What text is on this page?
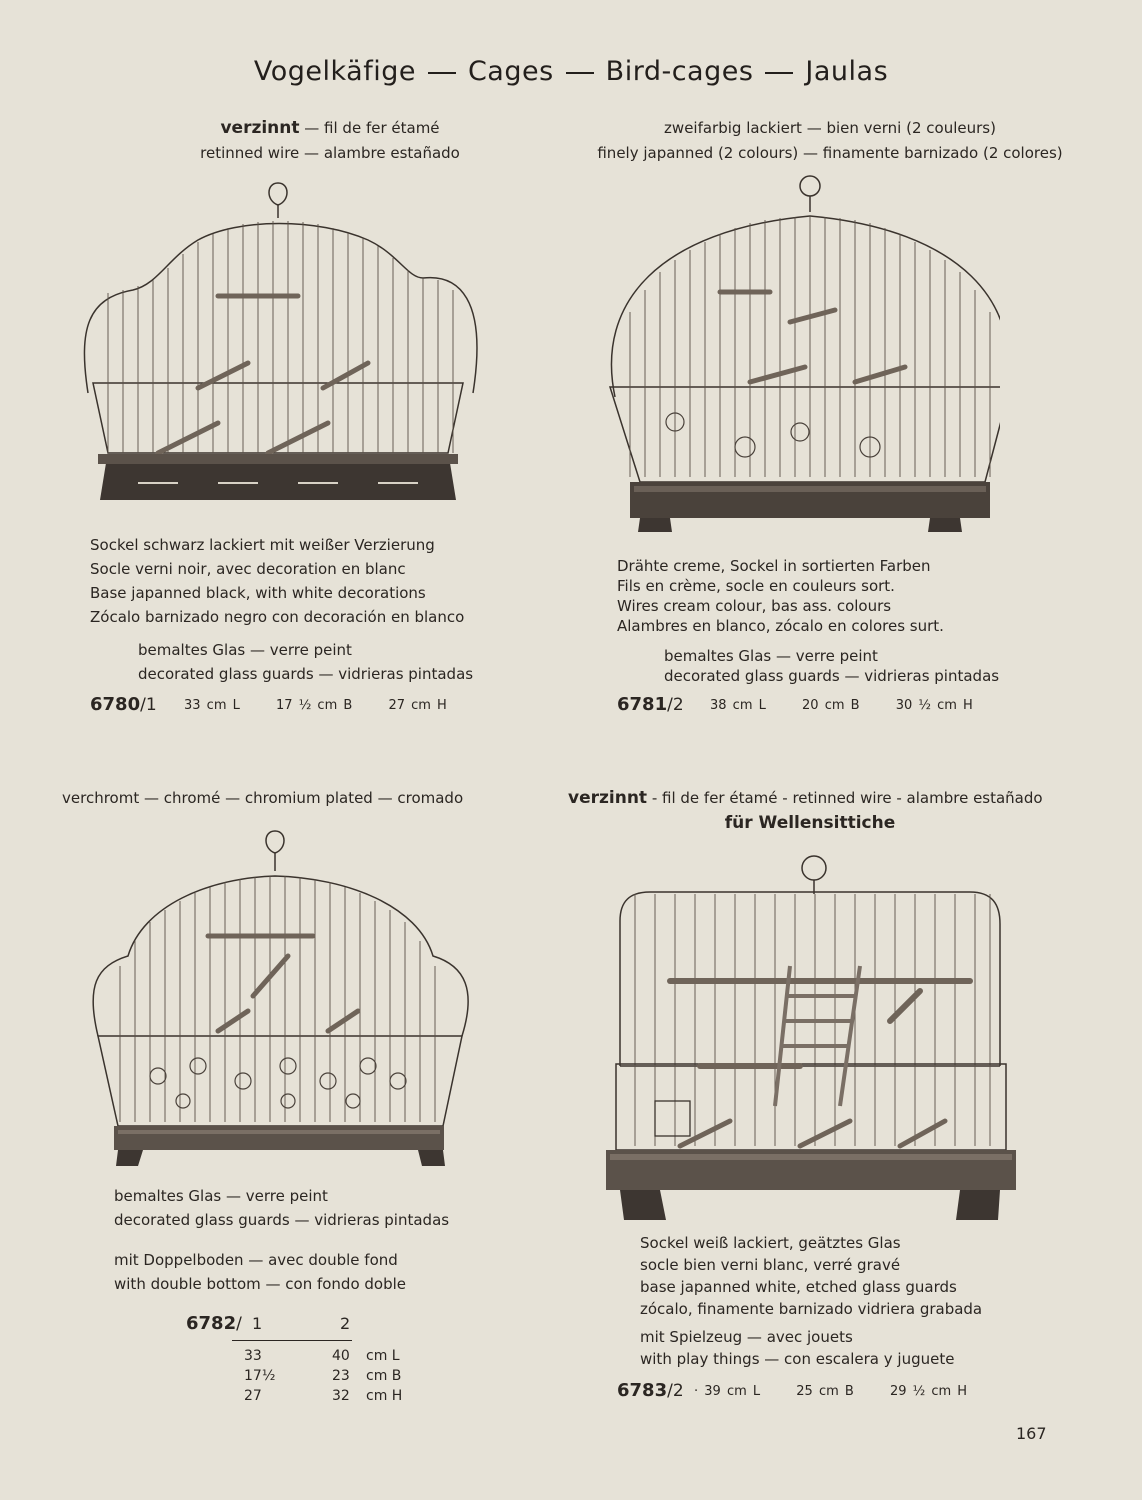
Vogelkäfige Cages Bird-cages Jaulas
verzinnt — fil de fer étamé
retinned wire — alambre estañado
Sockel schwarz lackiert mit weißer Verzierung
Socle verni noir, avec decoration en blanc
Base japanned black, with white decorations
Zócalo barnizado negro con decoración en blanco
bemaltes Glas — verre peint
decorated glass guards — vidrieras pintadas
6780/1 33 cm L	17 ½ cm B	27 cm H
zweifarbig lackiert — bien verni (2 couleurs)
finely japanned (2 colours) — finamente barnizado (2 colores)
Drähte creme, Sockel in sortierten Farben
Fils en crème, socle en couleurs sort.
Wires cream colour, bas ass. colours
Alambres en blanco, zócalo en colores surt.
bemaltes Glas — verre peint
decorated glass guards — vidrieras pintadas
6781/2 38 cm L	20 cm B	30 ½ cm H
verchromt — chromé — chromium plated — cromado
bemaltes Glas — verre peint
decorated glass guards — vidrieras pintadas
mit Doppelboden — avec double fond
with double bottom — con fondo doble
6782/ 1	2
33	40 cm L
17½	23 cm B
27	32 cm H
verzinnt - fil de fer étamé - retinned wire - alambre estañado
für Wellensittiche
Sockel weiß lackiert, geätztes Glas
socle bien verni blanc, verré gravé
base japanned white, etched glass guards
zócalo, finamente barnizado vidriera grabada
mit Spielzeug — avec jouets
with play things — con escalera y juguete
6783/2 · 39 cm L	25 cm B	29 ½ cm H
167
